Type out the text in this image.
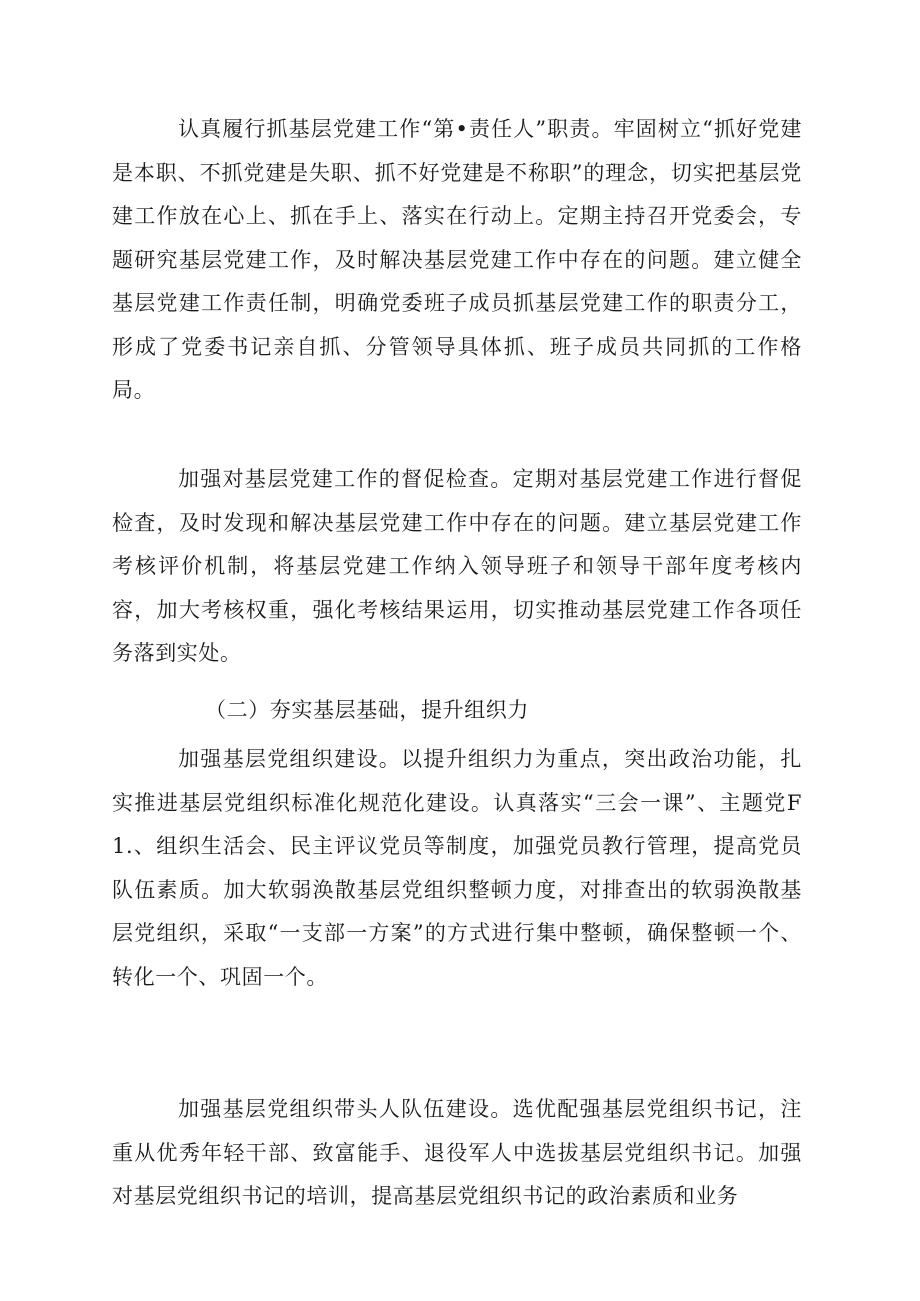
认真履行抓基层党建工作“第•责任人”职责。牢固树立“抓好党建是本职、不抓党建是失职、抓不好党建是不称职”的理念，切实把基层党建工作放在心上、抓在手上、落实在行动上。定期主持召开党委会，专题研究基层党建工作，及时解决基层党建工作中存在的问题。建立健全基层党建工作责任制，明确党委班子成员抓基层党建工作的职责分工，形成了党委书记亲自抓、分管领导具体抓、班子成员共同抓的工作格局。

加强对基层党建工作的督促检查。定期对基层党建工作进行督促检査，及时发现和解决基层党建工作中存在的问题。建立基层党建工作考核评价机制，将基层党建工作纳入领导班子和领导干部年度考核内容，加大考核权重，强化考核结果运用，切实推动基层党建工作各项任务落到实处。

（二）夯实基层基础，提升组织力

加强基层党组织建设。以提升组织力为重点，突出政治功能，扎实推进基层党组织标准化规范化建设。认真落实“三会一课”、主题党F1.、组织生活会、民主评议党员等制度，加强党员教行管理，提高党员队伍素质。加大软弱涣散基层党组织整顿力度，对排查出的软弱涣散基层党组织，采取“一支部一方案”的方式进行集中整顿，确保整顿一个、转化一个、巩固一个。

加强基层党组织带头人队伍建设。选优配强基层党组织书记，注重从优秀年轻干部、致富能手、退役军人中选拔基层党组织书记。加强对基层党组织书记的培训，提高基层党组织书记的政治素质和业务
